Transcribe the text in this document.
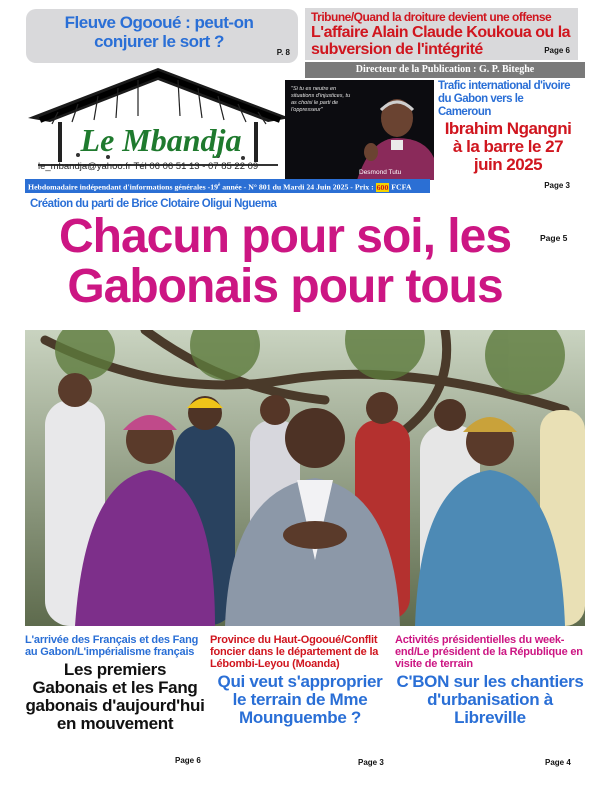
Fleuve Ogooué : peut-on conjurer le sort ?
P. 8
Tribune/Quand la droiture devient une offense
L'affaire Alain Claude Koukoua ou la subversion de l'intégrité	Page 6
Directeur de la Publication : G. P. Biteghe
Le Mbandja
le_mbandja@yahoo.fr Tél 06 06 51 13 - 07 85 22 09
"Si tu es neutre en situations d'injustices, tu as choisi le parti de l'oppresseur"
Desmond Tutu
Trafic international d'ivoire du Gabon vers le Cameroun
Ibrahim Ngangni à la barre le 27 juin 2025
Page 3
Hebdomadaire indépendant d'informations générales $-19^è$ année - N° 801 du Mardi 24 Juin 2025 - Prix : 600 FCFA
Création du parti de Brice Clotaire Oligui Nguema
Chacun pour soi, les Gabonais pour tous
Page 5
L'arrivée des Français et des Fang au Gabon/L'impérialisme français
Les premiers Gabonais et les Fang gabonais d'aujourd'hui en mouvement
Page 6
Province du Haut-Ogooué/Conflit foncier dans le département de la Lébombi-Leyou (Moanda)
Qui veut s'approprier le terrain de Mme Mounguembe ?
Page 3
Activités présidentielles du week-end/Le président de la République en visite de terrain
C'BON sur les chantiers d'urbanisation à Libreville
Page 4
